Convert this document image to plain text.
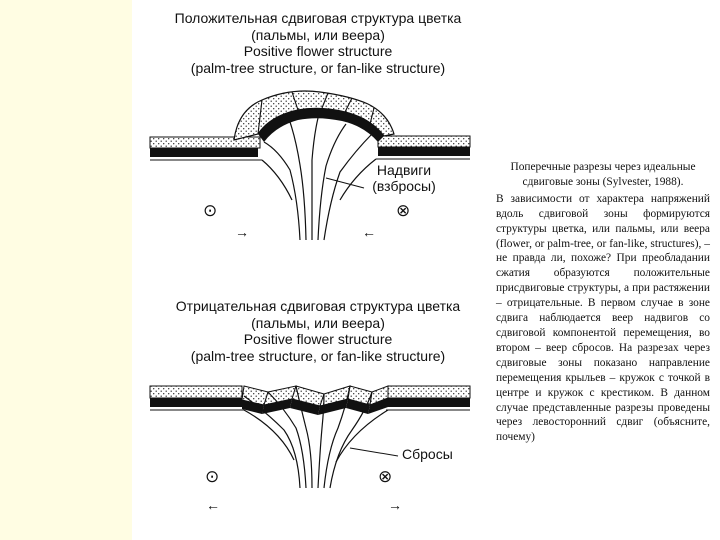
Положительная сдвиговая структура цветка
(пальмы, или веера)
Positive flower structure
(palm-tree structure, or fan-like structure)
Отрицательная сдвиговая структура цветка
(пальмы, или веера)
Positive flower structure
(palm-tree structure, or fan-like structure)
Надвиги
(взбросы)
⊙	⊗
→	←
Сбросы
⊙	⊗
←	→
Поперечные разрезы через идеальные сдвиговые зоны (Sylvester, 1988).
В зависимости от характера напряжений вдоль сдвиговой зоны формируются структуры цветка, или пальмы, или веера (flower, or palm-tree, or fan-like, structures), – не правда ли, похоже? При преобладании сжатия образуются положительные присдвиговые структуры, а при растяжении – отрицательные. В первом случае в зоне сдвига наблюдается веер надвигов со сдвиговой компонентой перемещения, во втором – веер сбросов. На разрезах через сдвиговые зоны показано направление перемещения крыльев – кружок с точкой в центре и кружок с крестиком. В данном случае представленные разрезы проведены через левосторонний сдвиг (объясните, почему)
